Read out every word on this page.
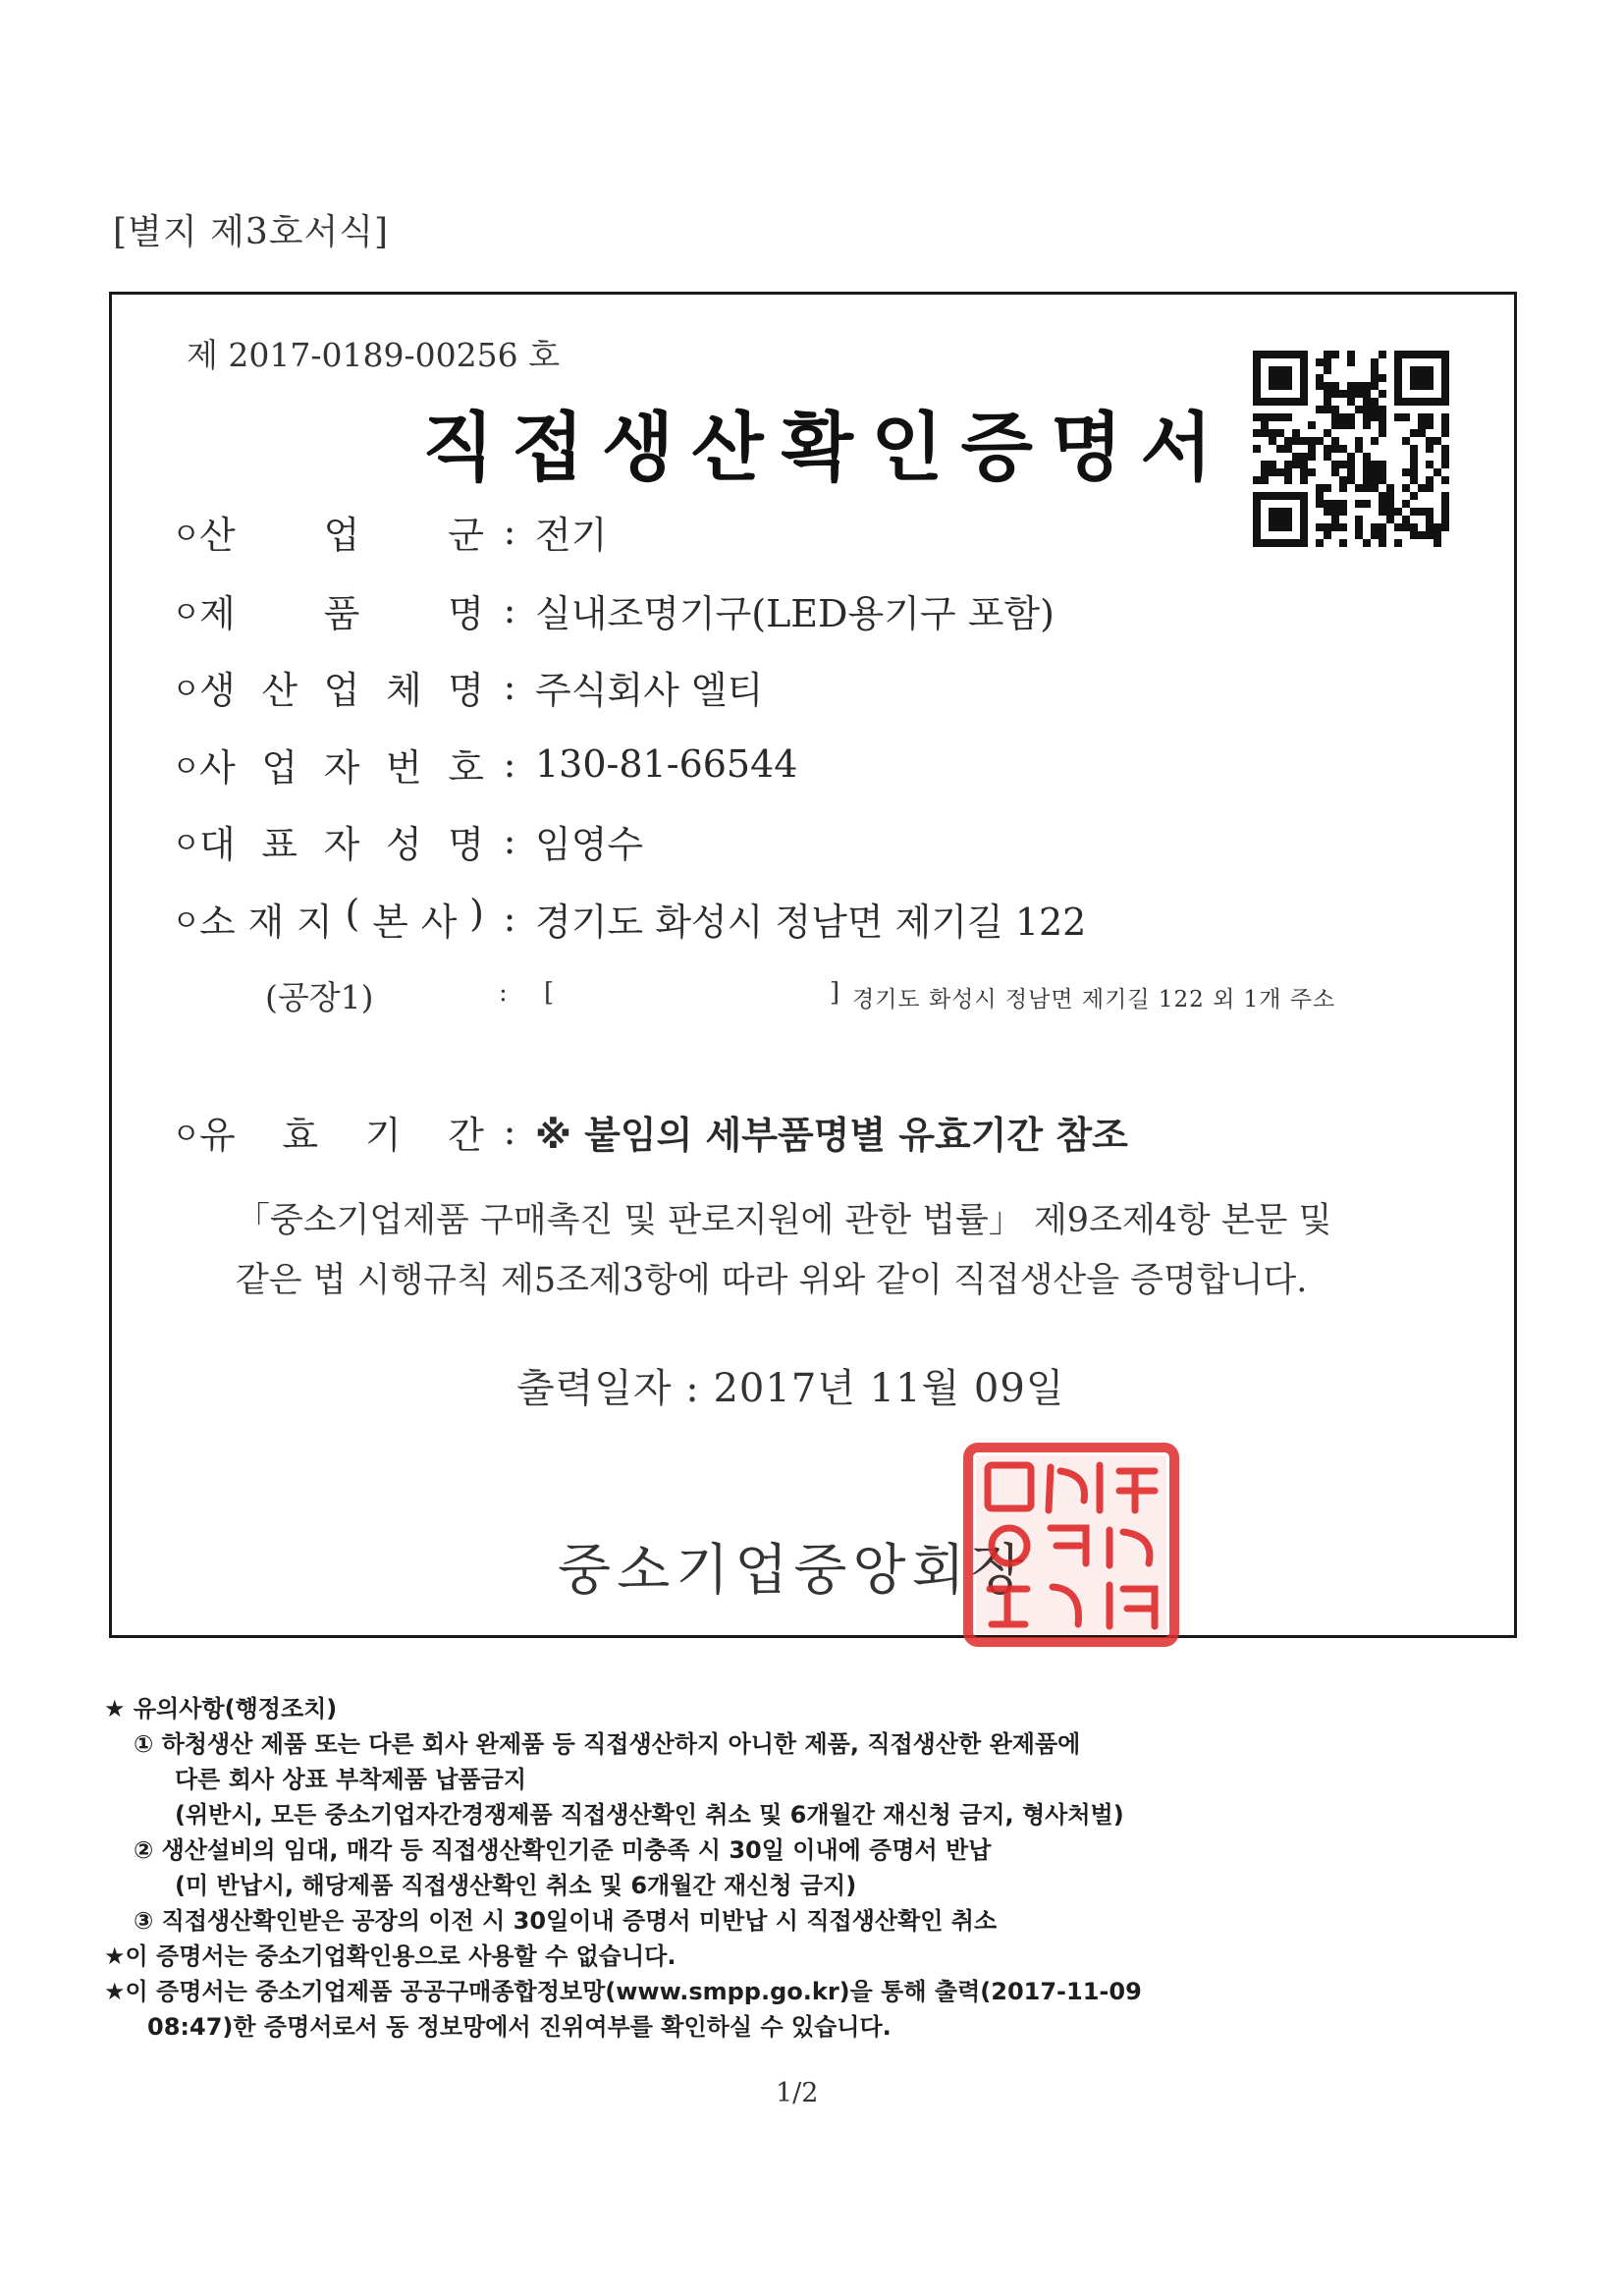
[별지 제3호서식]
제 2017-0189-00256 호
직접생산확인증명서
ㅇ 산 업 군 : 전기
ㅇ 제 품 명 : 실내조명기구(LED용기구 포함)
ㅇ 생 산 업 체 명 : 주식회사 엘티
ㅇ 사 업 자 번 호 : 130-81-66544
ㅇ 대 표 자 성 명 : 임영수
ㅇ 소 재 지 ( 본 사 ) : 경기도 화성시 정남면 제기길 122
(공장1)	: [	] 경기도 화성시 정남면 제기길 122 외 1개 주소
ㅇ 유 효 기 간 : ※ 붙임의 세부품명별 유효기간 참조
「중소기업제품 구매촉진 및 판로지원에 관한 법률」 제9조제4항 본문 및
같은 법 시행규칙 제5조제3항에 따라 위와 같이 직접생산을 증명합니다.
출력일자 : 2017년 11월 09일
중소기업중앙회장
★ 유의사항(행정조치)
① 하청생산 제품 또는 다른 회사 완제품 등 직접생산하지 아니한 제품, 직접생산한 완제품에
다른 회사 상표 부착제품 납품금지
(위반시, 모든 중소기업자간경쟁제품 직접생산확인 취소 및 6개월간 재신청 금지, 형사처벌)
② 생산설비의 임대, 매각 등 직접생산확인기준 미충족 시 30일 이내에 증명서 반납
(미 반납시, 해당제품 직접생산확인 취소 및 6개월간 재신청 금지)
③ 직접생산확인받은 공장의 이전 시 30일이내 증명서 미반납 시 직접생산확인 취소
★이 증명서는 중소기업확인용으로 사용할 수 없습니다.
★이 증명서는 중소기업제품 공공구매종합정보망(www.smpp.go.kr)을 통해 출력(2017-11-09
08:47)한 증명서로서 동 정보망에서 진위여부를 확인하실 수 있습니다.
1/2
